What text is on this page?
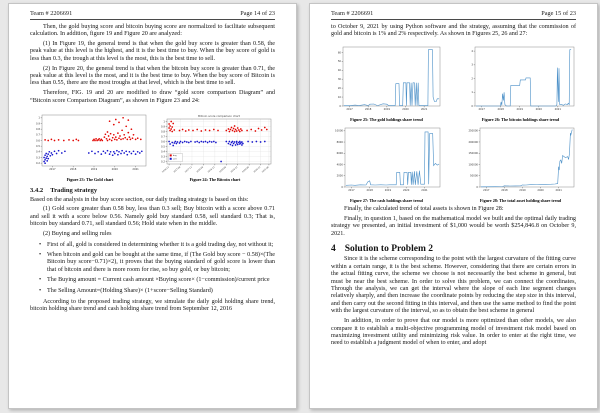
Team # 2206691	Page 14 of 23

Then, the gold buying score and bitcoin buying score are normalized to facilitate subsequent calculation. In addition, figure 19 and Figure 20 are analyzed:

(1) In Figure 19, the general trend is that when the gold buy score is greater than 0.58, the peak value at this level is the highest, and it is the best time to buy. When the buy score of gold is less than 0.3, the trough at this level is the most, this is the best time to sell.

(2) In Figure 20, the general trend is that when the bitcoin buy score is greater than 0.71, the peak value at this level is the most, and it is the best time to buy. When the buy score of Bitcoin is less than 0.55, there are the most troughs at that level, which is the best time to sell.

Therefore, FIG. 19 and 20 are modified to draw “gold score comparison Diagram” and “Bitcoin score Comparison Diagram”, as shown in Figure 23 and 24:

0.2
0.3
0.4
0.5
0.6
0.7
0.8
0.9
1
2017	2018	2019	2020	2021
Figure 23: The Gold chart
0.2
0.3
0.4
0.5
0.6
0.7
0.8
0.9
1
2016-12 2017-06 2017-12 2018-06 2018-12 2019-06 2019-12 2020-06 2020-12 2021-06
buy
sell
Bitcoin score comparison chart
Figure 24: The Bitcoin chart
3.4.2 Trading strategy

Based on the analysis in the buy score section, our daily trading strategy is based on this:

(1) Gold score greater than 0.58 buy, less than 0.3 sell; Buy bitcoin with a score above 0.71 and sell it with a score below 0.56. Namely gold buy standard 0.58, sell standard 0.3; That is, bitcoin buy standard 0.71, sell standard 0.56; Hold state when in the middle.

(2) Buying and selling rules

• First of all, gold is considered in determining whether it is a gold trading day, not without it;
• When bitcoin and gold can be bought at the same time, if (The Gold buy score − 0.58)×(The Bitcoin buy score−0.71)×2), it proves that the buying standard of gold score is lower than that of bitcoin and there is more room for rise, so buy gold, or buy bitcoin;
• The Buying amount = Current cash amount ×Buying score× (1−commission)/current price
• The Selling Amount=(Holding Share)× (1+score−Selling Standard)

According to the proposed trading strategy, we simulate the daily gold holding share trend, bitcoin holding share trend and cash holding share trend from September 12, 2016

Team # 2206691	Page 15 of 23

to October 9, 2021 by using Python software and the strategy, assuming that the commission of gold and bitcoin is 1% and 2% respectively. As shown in Figures 25, 26 and 27:

0
10
20
30
40
50
60
2017	2018	2019	2020	2021
Figure 25: The gold holdings share trend
0
1
2
3
4
2017	2018	2019	2020	2021
Figure 26: The bitcoin holdings share trend
0
2000
4000
6000
8000
10000
2017	2018	2019	2020	2021
Figure 27: The cash holdings share trend
0
50000
100000
150000
200000
250000
2017	2018	2019	2020	2021
Figure 28: The total asset holding share trend

Finally, the calculated trend of total assets is shown in Figure 28:

Finally, in question 1, based on the mathematical model we built and the optimal daily trading strategy we presented, an initial investment of $1,000 would be worth $254,846.8 on October 9, 2021.

4 Solution to Problem 2

Since it is the scheme corresponding to the point with the largest curvature of the fitting curve within a certain range, it is the best scheme. However, considering that there are certain errors in the actual fitting curve, the scheme we choose is not necessarily the best scheme in general, but must be near the best scheme. In order to solve this problem, we can connect the coordinates, Through the analysis, we can get the interval where the slope of each line segment changes relatively sharply, and then increase the coordinate points by reducing the step size in this interval, and then carry out the second fitting in this interval, and then use the same method to find the point with the largest curvature of the interval, so as to obtain the best scheme in general

In addition, in order to prove that our model is more optimized than other models, we also compare it to establish a multi-objective programming model of investment risk model based on maximizing investment utility and minimizing risk value. In order to enter at the right time, we need to establish a judgment model of when to enter, and adopt
